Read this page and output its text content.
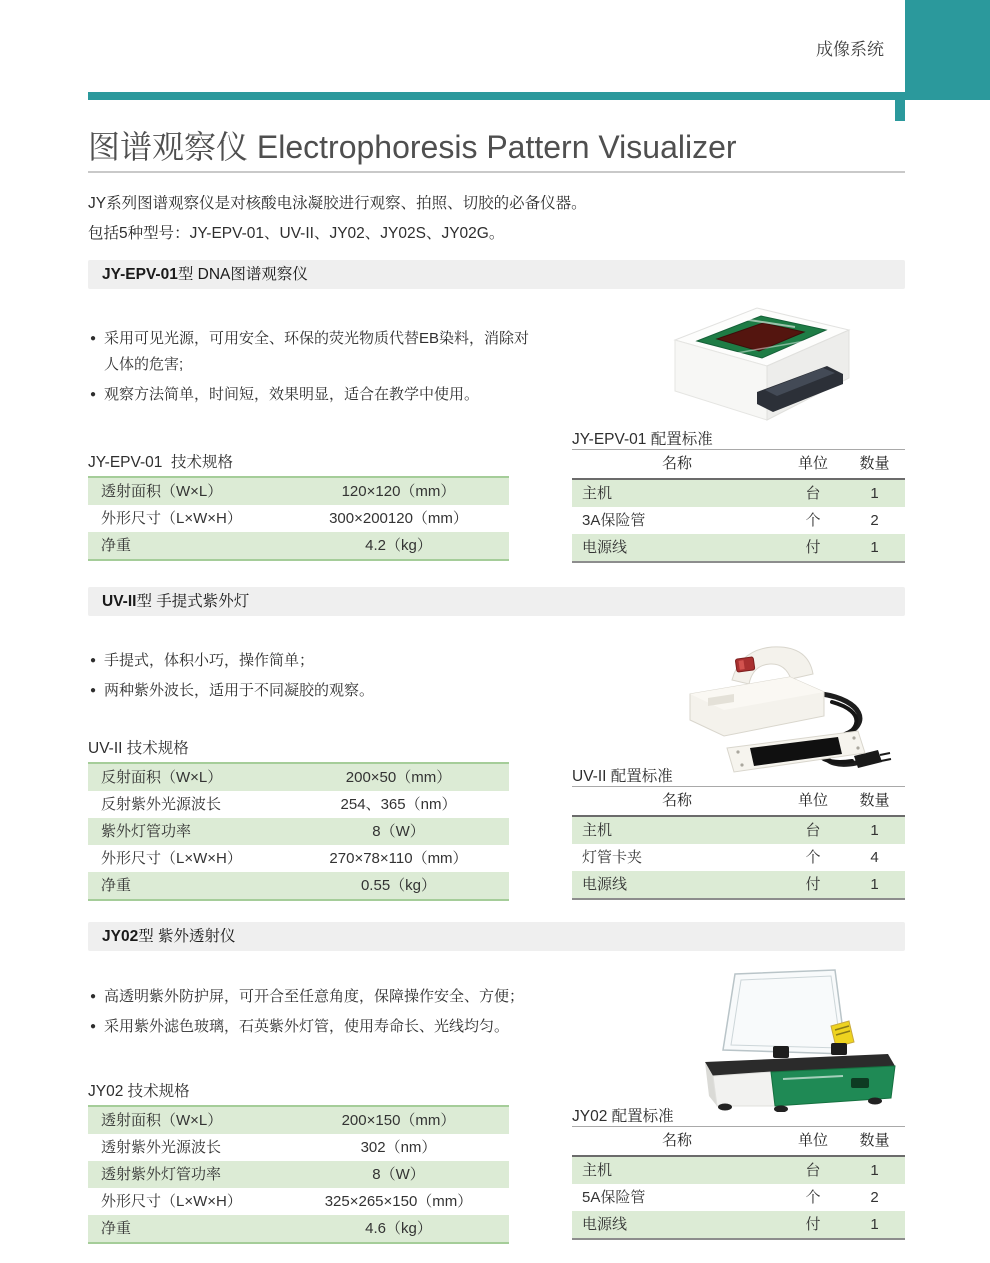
成像系统
图谱观察仪 Electrophoresis Pattern Visualizer
JY系列图谱观察仪是对核酸电泳凝胶进行观察、拍照、切胶的必备仪器。
包括5种型号：JY-EPV-01、UV-II、JY02、JY02S、JY02G。
JY-EPV-01型 DNA图谱观察仪
● 采用可见光源，可用安全、环保的荧光物质代替EB染料，消除对人体的危害;
● 观察方法简单，时间短，效果明显，适合在教学中使用。
JY-EPV-01  技术规格
透射面积（W×L）	120×120（mm）
外形尺寸（L×W×H）	300×200120（mm）
净重	4.2（kg）
JY-EPV-01 配置标准
名称	单位	数量
主机	台	1
3A保险管	个	2
电源线	付	1
UV-II型 手提式紫外灯
● 手提式，体积小巧，操作简单；
● 两种紫外波长，适用于不同凝胶的观察。
UV-II 技术规格
反射面积（W×L）	200×50（mm）
反射紫外光源波长	254、365（nm）
紫外灯管功率	8（W）
外形尺寸（L×W×H）	270×78×110（mm）
净重	0.55（kg）
UV-II 配置标准
名称	单位	数量
主机	台	1
灯管卡夹	个	4
电源线	付	1
JY02型 紫外透射仪
● 高透明紫外防护屏，可开合至任意角度，保障操作安全、方便；
● 采用紫外滤色玻璃，石英紫外灯管，使用寿命长、光线均匀。
JY02 技术规格
透射面积（W×L）	200×150（mm）
透射紫外光源波长	302（nm）
透射紫外灯管功率	8（W）
外形尺寸（L×W×H）	325×265×150（mm）
净重	4.6（kg）
JY02 配置标准
名称	单位	数量
主机	台	1
5A保险管	个	2
电源线	付	1
